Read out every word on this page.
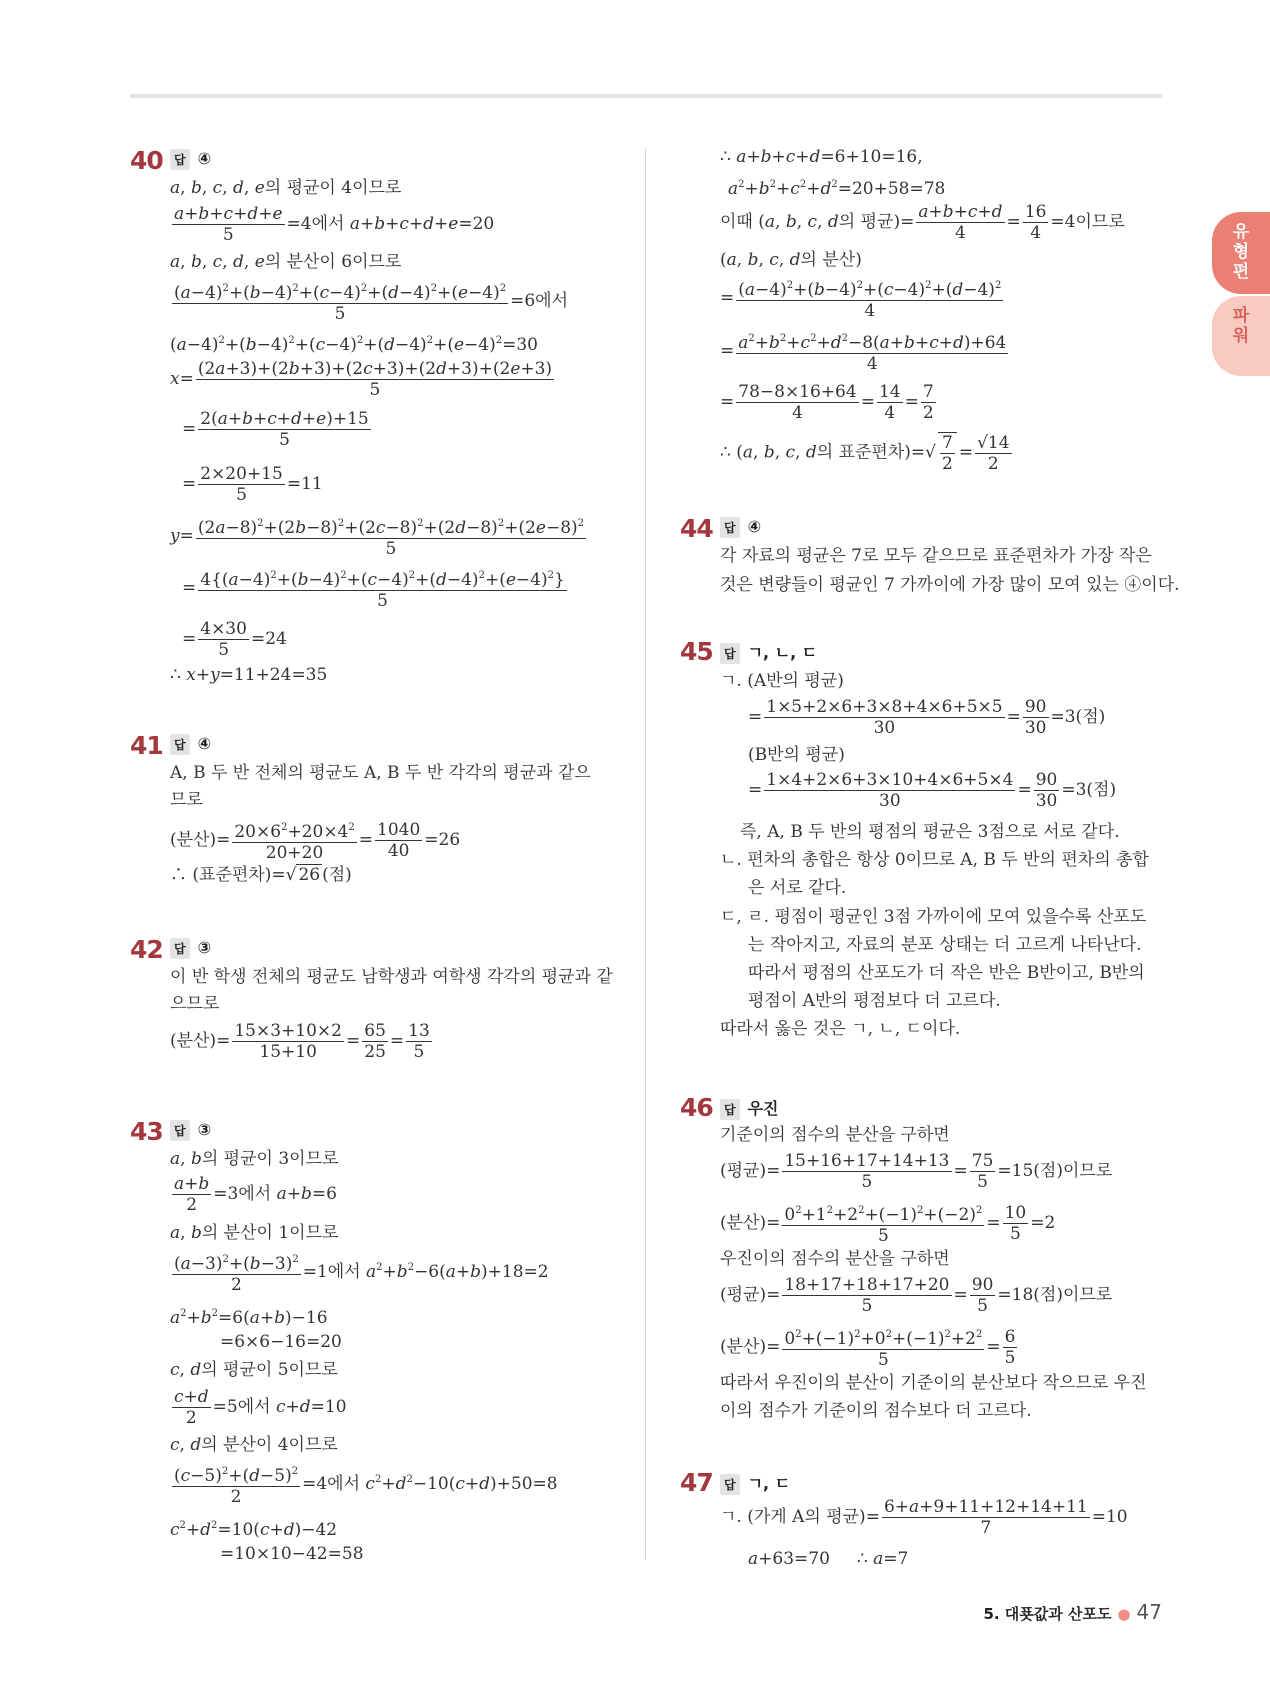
유
형
편
파
워
40 답 ④
a, b, c, d, e의 평균이 4이므로
$\frac{a+b+c+d+e}{5} =4$에서 a+b+c+d+e=20
a, b, c, d, e의 분산이 6이므로
$\frac{(a-4)^2+(b-4)^2+(c-4)^2+(d-4)^2+(e-4)^2}{5} =6$에서
$(a-4)^2+(b-4)^2+(c-4)^2+(d-4)^2+(e-4)^2=30$
$x= \frac{(2a+3)+(2b+3)+(2c+3)+(2d+3)+(2e+3)}{5}$
= $\frac{2(a+b+c+d+e)+15}{5}$
= $\frac{2\times 20+15}{5} =11$
$y= \frac{(2a-8)^2+(2b-8)^2+(2c-8)^2+(2d-8)^2+(2e-8)^2}{5}$
= $\frac{4\{(a-4)^2+(b-4)^2+(c-4)^2+(d-4)^2+(e-4)^2\}}{5}$
= $\frac{4\times 30}{5} =24$
∴ x+y=11+24=35
41 답 ④
A, B 두 반 전체의 평균도 A, B 두 반 각각의 평균과 같으
므로
(분산)= $\frac{20\times 6^2+20\times 4^2}{20+20} = \frac{1040}{40} =26$
∴ (표준편차)=√ 26 (점)
42 답 ③
이 반 학생 전체의 평균도 남학생과 여학생 각각의 평균과 같
으므로
(분산)= $\frac{15\times 3+10\times 2}{15+10} = \frac{65}{25} = \frac{13}{5}$
43 답 ③
a, b의 평균이 3이므로
$\frac{a+b}{2} =3$에서 a+b=6
a, b의 분산이 1이므로
$\frac{(a-3)^2+(b-3)^2}{2} =1$에서 $a^2+b^2-6(a+b)+18=2$
$a^2+b^2=6(a+b)-16$
=6×6−16=20
c, d의 평균이 5이므로
$\frac{c+d}{2} =5$에서 c+d=10
c, d의 분산이 4이므로
$\frac{(c-5)^2+(d-5)^2}{2} =4$에서 $c^2+d^2-10(c+d)+50=8$
$c^2+d^2=10(c+d)-42$
=10×10−42=58
∴ a+b+c+d=6+10=16,
$a^2+b^2+c^2+d^2=20+58=78$
이때 (a, b, c, d의 평균)= $\frac{a+b+c+d}{4} = \frac{16}{4} =4$이므로
(a, b, c, d의 분산)
= $\frac{(a-4)^2+(b-4)^2+(c-4)^2+(d-4)^2}{4}$
= $\frac{a^2+b^2+c^2+d^2-8(a+b+c+d)+64}{4}$
= $\frac{78-8\times 16+64}{4} = \frac{14}{4} = \frac{7}{2}$
∴ (a, b, c, d의 표준편차)=√ $\frac{7}{2} = \frac{√14}{2}$
44 답 ④
각 자료의 평균은 7로 모두 같으므로 표준편차가 가장 작은
것은 변량들이 평균인 7 가까이에 가장 많이 모여 있는 ④이다.
45 답 ㄱ, ㄴ, ㄷ
ㄱ. (A반의 평균)
= $\frac{1\times 5+2\times 6+3\times 8+4\times 6+5\times 5}{30} = \frac{90}{30} =3$(점)
(B반의 평균)
= $\frac{1\times 4+2\times 6+3\times 10+4\times 6+5\times 4}{30} = \frac{90}{30} =3$(점)
즉, A, B 두 반의 평점의 평균은 3점으로 서로 같다.
ㄴ. 편차의 총합은 항상 0이므로 A, B 두 반의 편차의 총합
은 서로 같다.
ㄷ, ㄹ. 평점이 평균인 3점 가까이에 모여 있을수록 산포도
는 작아지고, 자료의 분포 상태는 더 고르게 나타난다.
따라서 평점의 산포도가 더 작은 반은 B반이고, B반의
평점이 A반의 평점보다 더 고르다.
따라서 옳은 것은 ㄱ, ㄴ, ㄷ이다.
46 답 우진
기준이의 점수의 분산을 구하면
(평균)= $\frac{15+16+17+14+13}{5} = \frac{75}{5} =15$(점)이므로
(분산)= $\frac{0^2+1^2+2^2+(-1)^2+(-2)^2}{5} = \frac{10}{5} =2$
우진이의 점수의 분산을 구하면
(평균)= $\frac{18+17+18+17+20}{5} = \frac{90}{5} =18$(점)이므로
(분산)= $\frac{0^2+(-1)^2+0^2+(-1)^2+2^2}{5} = \frac{6}{5}$
따라서 우진이의 분산이 기준이의 분산보다 작으므로 우진
이의 점수가 기준이의 점수보다 더 고르다.
47 답 ㄱ, ㄷ
ㄱ. (가게 A의 평균)= $\frac{6+a+9+11+12+14+11}{7} =10$
a+63=70     ∴ a=7
5. 대푯값과 산포도 ● 47
